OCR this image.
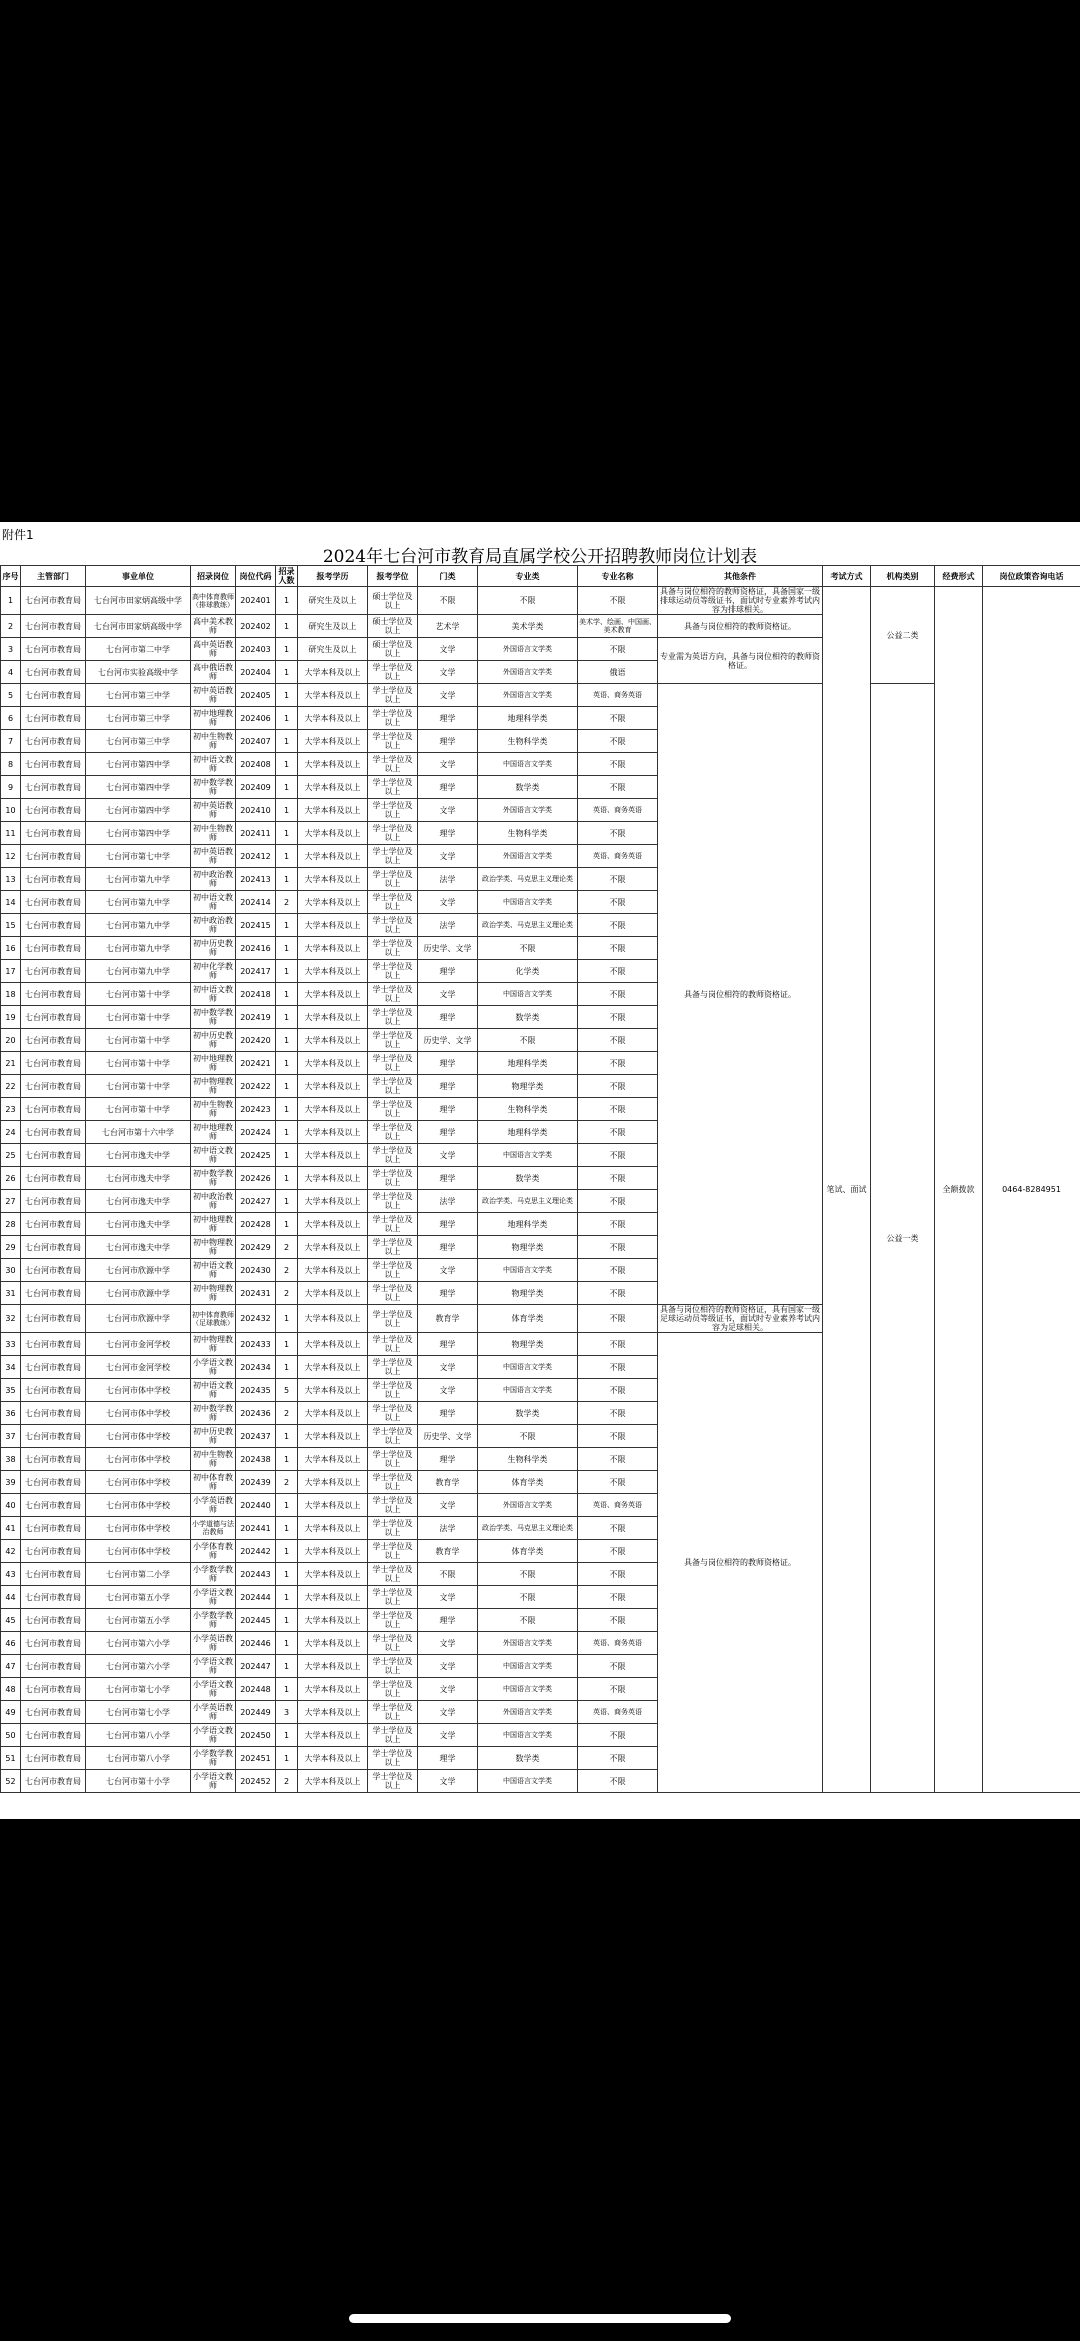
附件1
2024年七台河市教育局直属学校公开招聘教师岗位计划表
序号	主管部门	事业单位	招录岗位	岗位代码	招录人数	报考学历	报考学位	门类	专业类	专业名称	其他条件	考试方式	机构类别	经费形式	岗位政策咨询电话
1	七台河市教育局	七台河市田家炳高级中学	高中体育教师（排球教练）	202401	1	研究生及以上	硕士学位及以上	不限	不限	不限	具备与岗位相符的教师资格证，具备国家一级排球运动员等级证书，面试时专业素养考试内容为排球相关。	笔试、面试	公益二类	全额拨款	0464-8284951
2	七台河市教育局	七台河市田家炳高级中学	高中美术教师	202402	1	研究生及以上	硕士学位及以上	艺术学	美术学类	美术学、绘画、中国画、美术教育	具备与岗位相符的教师资格证。				
3	七台河市教育局	七台河市第二中学	高中英语教师	202403	1	研究生及以上	硕士学位及以上	文学	外国语言文学类	不限	专业需为英语方向，具备与岗位相符的教师资格证。				
4	七台河市教育局	七台河市实验高级中学	高中俄语教师	202404	1	大学本科及以上	学士学位及以上	文学	外国语言文学类	俄语					
5	七台河市教育局	七台河市第三中学	初中英语教师	202405	1	大学本科及以上	学士学位及以上	文学	外国语言文学类	英语、商务英语	具备与岗位相符的教师资格证。		公益一类		
6	七台河市教育局	七台河市第三中学	初中地理教师	202406	1	大学本科及以上	学士学位及以上	理学	地理科学类	不限					
7	七台河市教育局	七台河市第三中学	初中生物教师	202407	1	大学本科及以上	学士学位及以上	理学	生物科学类	不限					
8	七台河市教育局	七台河市第四中学	初中语文教师	202408	1	大学本科及以上	学士学位及以上	文学	中国语言文学类	不限					
9	七台河市教育局	七台河市第四中学	初中数学教师	202409	1	大学本科及以上	学士学位及以上	理学	数学类	不限					
10	七台河市教育局	七台河市第四中学	初中英语教师	202410	1	大学本科及以上	学士学位及以上	文学	外国语言文学类	英语、商务英语					
11	七台河市教育局	七台河市第四中学	初中生物教师	202411	1	大学本科及以上	学士学位及以上	理学	生物科学类	不限					
12	七台河市教育局	七台河市第七中学	初中英语教师	202412	1	大学本科及以上	学士学位及以上	文学	外国语言文学类	英语、商务英语					
13	七台河市教育局	七台河市第九中学	初中政治教师	202413	1	大学本科及以上	学士学位及以上	法学	政治学类、马克思主义理论类	不限					
14	七台河市教育局	七台河市第九中学	初中语文教师	202414	2	大学本科及以上	学士学位及以上	文学	中国语言文学类	不限					
15	七台河市教育局	七台河市第九中学	初中政治教师	202415	1	大学本科及以上	学士学位及以上	法学	政治学类、马克思主义理论类	不限					
16	七台河市教育局	七台河市第九中学	初中历史教师	202416	1	大学本科及以上	学士学位及以上	历史学、文学	不限	不限					
17	七台河市教育局	七台河市第九中学	初中化学教师	202417	1	大学本科及以上	学士学位及以上	理学	化学类	不限					
18	七台河市教育局	七台河市第十中学	初中语文教师	202418	1	大学本科及以上	学士学位及以上	文学	中国语言文学类	不限					
19	七台河市教育局	七台河市第十中学	初中数学教师	202419	1	大学本科及以上	学士学位及以上	理学	数学类	不限					
20	七台河市教育局	七台河市第十中学	初中历史教师	202420	1	大学本科及以上	学士学位及以上	历史学、文学	不限	不限					
21	七台河市教育局	七台河市第十中学	初中地理教师	202421	1	大学本科及以上	学士学位及以上	理学	地理科学类	不限					
22	七台河市教育局	七台河市第十中学	初中物理教师	202422	1	大学本科及以上	学士学位及以上	理学	物理学类	不限					
23	七台河市教育局	七台河市第十中学	初中生物教师	202423	1	大学本科及以上	学士学位及以上	理学	生物科学类	不限					
24	七台河市教育局	七台河市第十六中学	初中地理教师	202424	1	大学本科及以上	学士学位及以上	理学	地理科学类	不限					
25	七台河市教育局	七台河市逸夫中学	初中语文教师	202425	1	大学本科及以上	学士学位及以上	文学	中国语言文学类	不限					
26	七台河市教育局	七台河市逸夫中学	初中数学教师	202426	1	大学本科及以上	学士学位及以上	理学	数学类	不限					
27	七台河市教育局	七台河市逸夫中学	初中政治教师	202427	1	大学本科及以上	学士学位及以上	法学	政治学类、马克思主义理论类	不限					
28	七台河市教育局	七台河市逸夫中学	初中地理教师	202428	1	大学本科及以上	学士学位及以上	理学	地理科学类	不限					
29	七台河市教育局	七台河市逸夫中学	初中物理教师	202429	2	大学本科及以上	学士学位及以上	理学	物理学类	不限					
30	七台河市教育局	七台河市欣源中学	初中语文教师	202430	2	大学本科及以上	学士学位及以上	文学	中国语言文学类	不限					
31	七台河市教育局	七台河市欣源中学	初中物理教师	202431	2	大学本科及以上	学士学位及以上	理学	物理学类	不限					
32	七台河市教育局	七台河市欣源中学	初中体育教师（足球教练）	202432	1	大学本科及以上	学士学位及以上	教育学	体育学类	不限	具备与岗位相符的教师资格证，具有国家一级足球运动员等级证书，面试时专业素养考试内容为足球相关。				
33	七台河市教育局	七台河市金河学校	初中物理教师	202433	1	大学本科及以上	学士学位及以上	理学	物理学类	不限	具备与岗位相符的教师资格证。				
34	七台河市教育局	七台河市金河学校	小学语文教师	202434	1	大学本科及以上	学士学位及以上	文学	中国语言文学类	不限					
35	七台河市教育局	七台河市体中学校	初中语文教师	202435	5	大学本科及以上	学士学位及以上	文学	中国语言文学类	不限					
36	七台河市教育局	七台河市体中学校	初中数学教师	202436	2	大学本科及以上	学士学位及以上	理学	数学类	不限					
37	七台河市教育局	七台河市体中学校	初中历史教师	202437	1	大学本科及以上	学士学位及以上	历史学、文学	不限	不限					
38	七台河市教育局	七台河市体中学校	初中生物教师	202438	1	大学本科及以上	学士学位及以上	理学	生物科学类	不限					
39	七台河市教育局	七台河市体中学校	初中体育教师	202439	2	大学本科及以上	学士学位及以上	教育学	体育学类	不限					
40	七台河市教育局	七台河市体中学校	小学英语教师	202440	1	大学本科及以上	学士学位及以上	文学	外国语言文学类	英语、商务英语					
41	七台河市教育局	七台河市体中学校	小学道德与法治教师	202441	1	大学本科及以上	学士学位及以上	法学	政治学类、马克思主义理论类	不限					
42	七台河市教育局	七台河市体中学校	小学体育教师	202442	1	大学本科及以上	学士学位及以上	教育学	体育学类	不限					
43	七台河市教育局	七台河市第二小学	小学数学教师	202443	1	大学本科及以上	学士学位及以上	不限	不限	不限					
44	七台河市教育局	七台河市第五小学	小学语文教师	202444	1	大学本科及以上	学士学位及以上	文学	不限	不限					
45	七台河市教育局	七台河市第五小学	小学数学教师	202445	1	大学本科及以上	学士学位及以上	理学	不限	不限					
46	七台河市教育局	七台河市第六小学	小学英语教师	202446	1	大学本科及以上	学士学位及以上	文学	外国语言文学类	英语、商务英语					
47	七台河市教育局	七台河市第六小学	小学语文教师	202447	1	大学本科及以上	学士学位及以上	文学	中国语言文学类	不限					
48	七台河市教育局	七台河市第七小学	小学语文教师	202448	1	大学本科及以上	学士学位及以上	文学	中国语言文学类	不限					
49	七台河市教育局	七台河市第七小学	小学英语教师	202449	3	大学本科及以上	学士学位及以上	文学	外国语言文学类	英语、商务英语					
50	七台河市教育局	七台河市第八小学	小学语文教师	202450	1	大学本科及以上	学士学位及以上	文学	中国语言文学类	不限					
51	七台河市教育局	七台河市第八小学	小学数学教师	202451	1	大学本科及以上	学士学位及以上	理学	数学类	不限					
52	七台河市教育局	七台河市第十小学	小学语文教师	202452	2	大学本科及以上	学士学位及以上	文学	中国语言文学类	不限					
